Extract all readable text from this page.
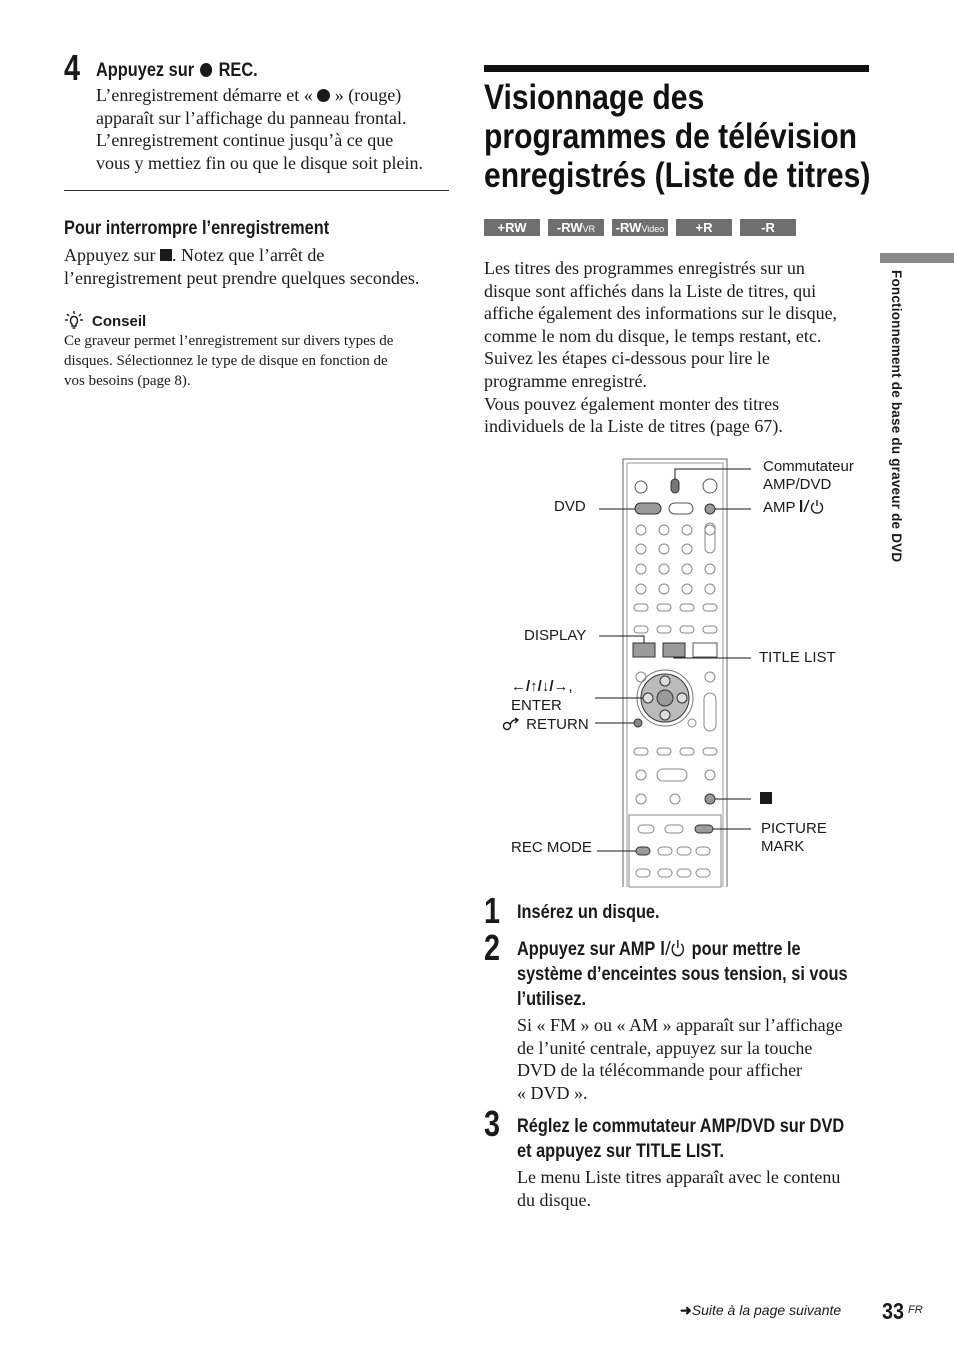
4 Appuyez sur REC.

L’enregistrement démarre et « » (rouge)

apparaît sur l’affichage du panneau frontal.

L’enregistrement continue jusqu’à ce que

vous y mettiez fin ou que le disque soit plein.

Pour interrompre l’enregistrement

Appuyez sur . Notez que l’arrêt de

l’enregistrement peut prendre quelques secondes.

Conseil
Ce graveur permet l’enregistrement sur divers types de
disques. Sélectionnez le type de disque en fonction de
vos besoins (page 8).
Visionnage des
programmes de télévision
enregistrés (Liste de titres)
+RW	-RWVR	-RWVideo	+R	-R

Les titres des programmes enregistrés sur un

disque sont affichés dans la Liste de titres, qui

affiche également des informations sur le disque,

comme le nom du disque, le temps restant, etc.

Suivez les étapes ci-dessous pour lire le

programme enregistré.

Vous pouvez également monter des titres

individuels de la Liste de titres (page 67).

Commutateur
AMP/DVD
AMP
DVD
DISPLAY
TITLE LIST
←/↑/↓/→,
ENTER
RETURN
PICTURE
MARK
REC MODE
1 Insérez un disque.
2 Appuyez sur AMP pour mettre le
système d’enceintes sous tension, si vous
l’utilisez.

Si « FM » ou « AM » apparaît sur l’affichage

de l’unité centrale, appuyez sur la touche

DVD de la télécommande pour afficher

« DVD ».

3 Réglez le commutateur AMP/DVD sur DVD
et appuyez sur TITLE LIST.

Le menu Liste titres apparaît avec le contenu

du disque.

Fonctionnement de base du graveur de DVD
➜Suite à la page suivante 33 FR
